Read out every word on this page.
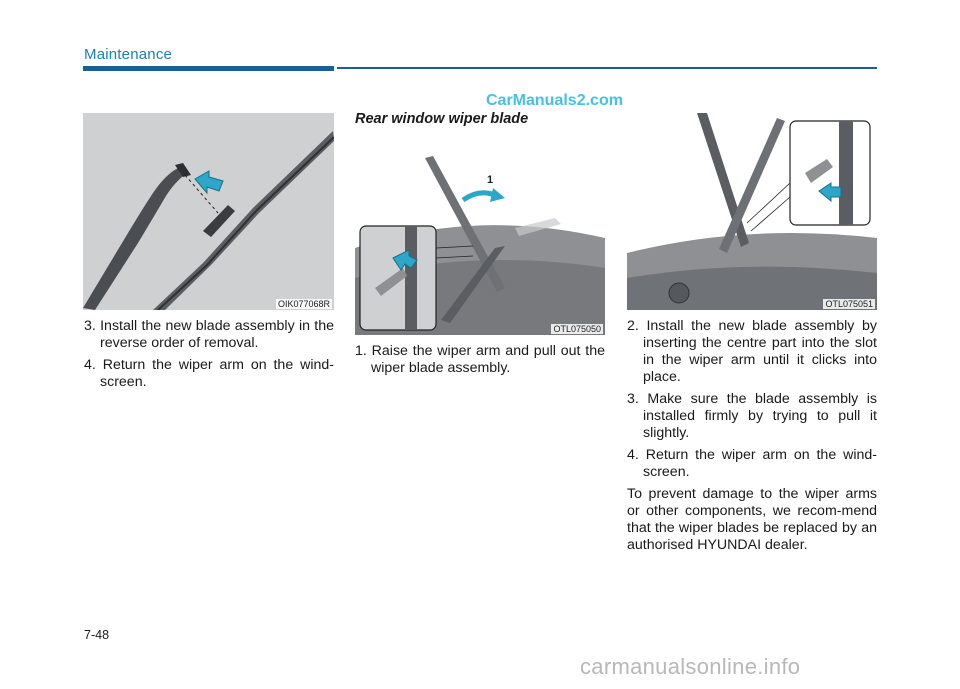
Maintenance
CarManuals2.com
OIK077068R
1
OTL075050
OTL075051

3. Install the new blade assembly in the reverse order of removal.

4. Return the wiper arm on the wind-screen.

Rear window wiper blade

1. Raise the wiper arm and pull out the wiper blade assembly.

2. Install the new blade assembly by inserting the centre part into the slot in the wiper arm until it clicks into place.

3. Make sure the blade assembly is installed firmly by trying to pull it slightly.

4. Return the wiper arm on the wind-screen.

To prevent damage to the wiper arms or other components, we recom-mend that the wiper blades be replaced by an authorised HYUNDAI dealer.

7-48
carmanualsonline.info
